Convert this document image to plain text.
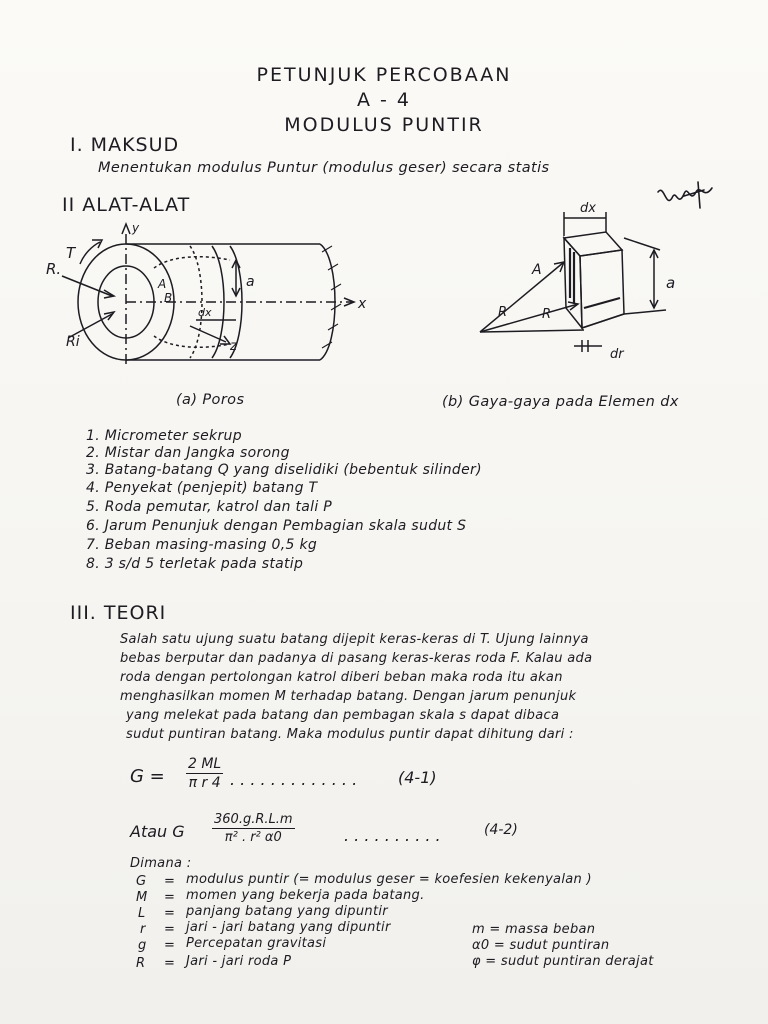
PETUNJUK PERCOBAAN
A - 4
MODULUS PUNTIR
I. MAKSUD
Menentukan modulus Puntur (modulus geser) secara statis
II ALAT-ALAT
T
y
R.
Ri
A
B
a
dx
x
z
dx
A
a
R	R
dr
(a) Poros	(b) Gaya-gaya pada Elemen dx
1. Micrometer sekrup
2. Mistar dan Jangka sorong
3. Batang-batang Q yang diselidiki (bebentuk silinder)
4. Penyekat (penjepit) batang T
5. Roda pemutar, katrol dan tali P
6. Jarum Penunjuk dengan Pembagian skala sudut S
7. Beban masing-masing 0,5 kg
8. 3 s/d 5 terletak pada statip
III. TEORI
Salah satu ujung suatu batang dijepit keras-keras di T. Ujung lainnya
bebas berputar dan padanya di pasang keras-keras roda F. Kalau ada
roda dengan pertolongan katrol diberi beban maka roda itu akan
menghasilkan momen M terhadap batang. Dengan jarum penunjuk
yang melekat pada batang dan pembagan skala s dapat dibaca
sudut puntiran batang. Maka modulus puntir dapat dihitung dari :
$G = \frac{2 ML}{\text{π r 4}}$ . . . . . . . . . . . . .	(4-1)
Atau G $\frac{360.g.R.L.m}{\text{π² . r² α0}}$	. . . . . . . . . .	(4-2)
Dimana :
G = modulus puntir (= modulus geser = koefesien kekenyalan )
M = momen yang bekerja pada batang.
L = panjang batang yang dipuntir
r = jari - jari batang yang dipuntir
g = Percepatan gravitasi
R = Jari - jari roda P
m = massa beban
α0 = sudut puntiran
φ = sudut puntiran derajat
